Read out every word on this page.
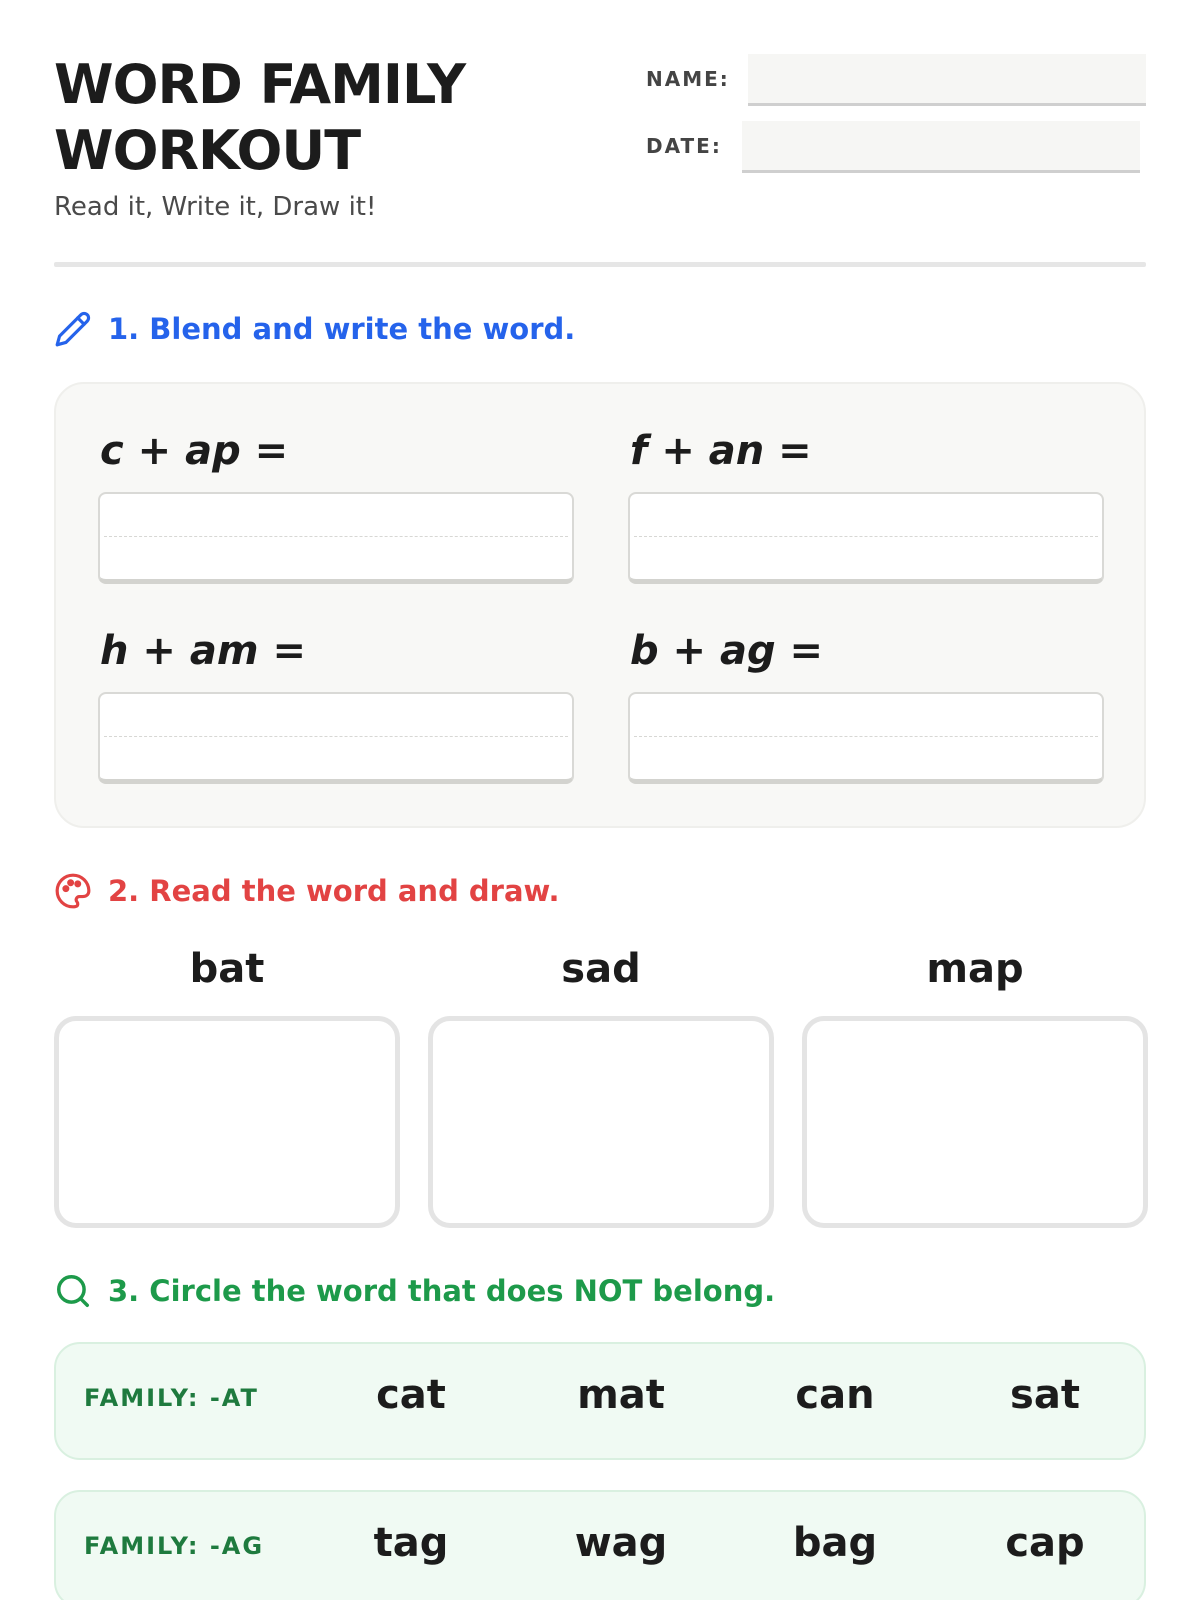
WORD FAMILY
WORKOUT
Read it, Write it, Draw it!
NAME:
DATE:
1. Blend and write the word.
c + ap =	f + an =
h + am =	b + ag =
2. Read the word and draw.
bat	sad	map
3. Circle the word that does NOT belong.
FAMILY: -AT	cat	mat	can	sat
FAMILY: -AG	tag	wag	bag	cap
